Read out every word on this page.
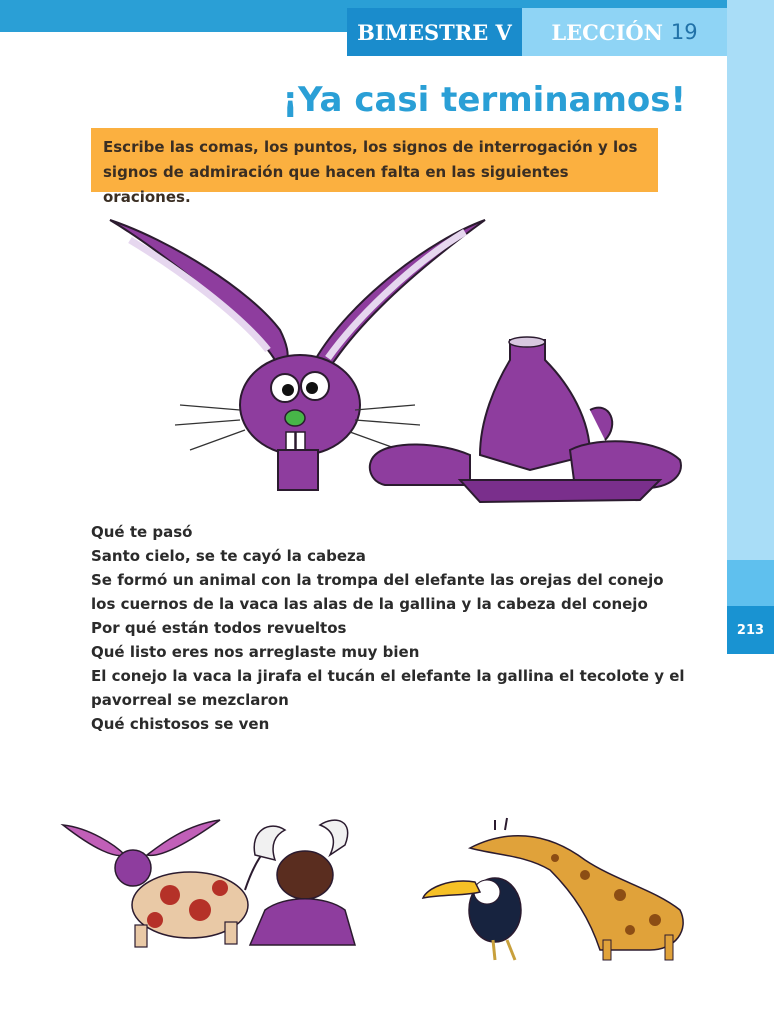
BIMESTRE V LECCIÓN 19
213
¡Ya casi terminamos!
Escribe las comas, los puntos, los signos de interrogación y los signos de admiración que hacen falta en las siguientes oraciones.
Qué te pasó
Santo cielo, se te cayó la cabeza
Se formó un animal con la trompa del elefante las orejas del conejo los cuernos de la vaca las alas de la gallina y la cabeza del conejo
Por qué están todos revueltos
Qué listo eres nos arreglaste muy bien
El conejo la vaca la jirafa el tucán el elefante la gallina el tecolote y el pavorreal se mezclaron
Qué chistosos se ven
